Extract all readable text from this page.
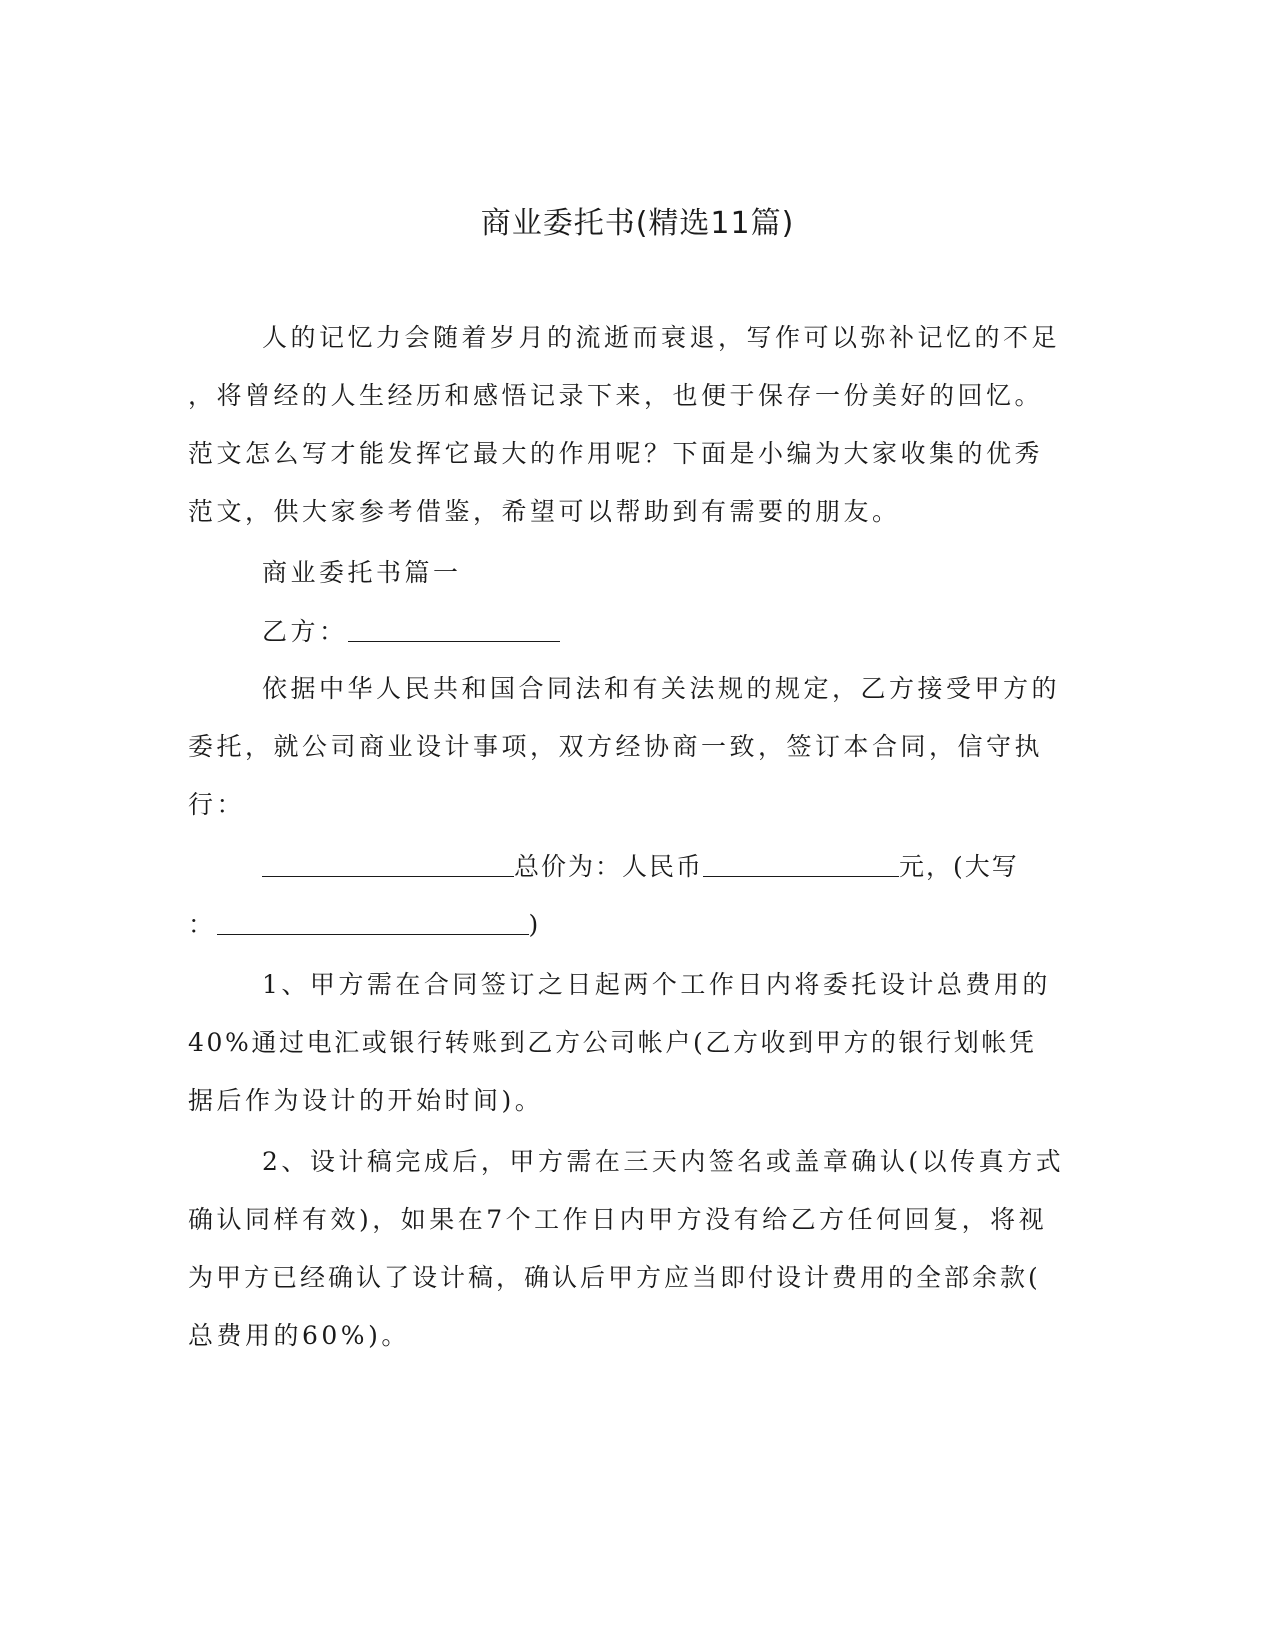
商业委托书(精选11篇)
人的记忆力会随着岁月的流逝而衰退，写作可以弥补记忆的不足
，将曾经的人生经历和感悟记录下来，也便于保存一份美好的回忆。
范文怎么写才能发挥它最大的作用呢？下面是小编为大家收集的优秀
范文，供大家参考借鉴，希望可以帮助到有需要的朋友。
商业委托书篇一
乙方：
依据中华人民共和国合同法和有关法规的规定，乙方接受甲方的
委托，就公司商业设计事项，双方经协商一致，签订本合同，信守执
行：
总价为：人民币	元，(大写
：	)
1、甲方需在合同签订之日起两个工作日内将委托设计总费用的
40%通过电汇或银行转账到乙方公司帐户(乙方收到甲方的银行划帐凭
据后作为设计的开始时间)。
2、设计稿完成后，甲方需在三天内签名或盖章确认(以传真方式
确认同样有效)，如果在7个工作日内甲方没有给乙方任何回复，将视
为甲方已经确认了设计稿，确认后甲方应当即付设计费用的全部余款(
总费用的60%)。
